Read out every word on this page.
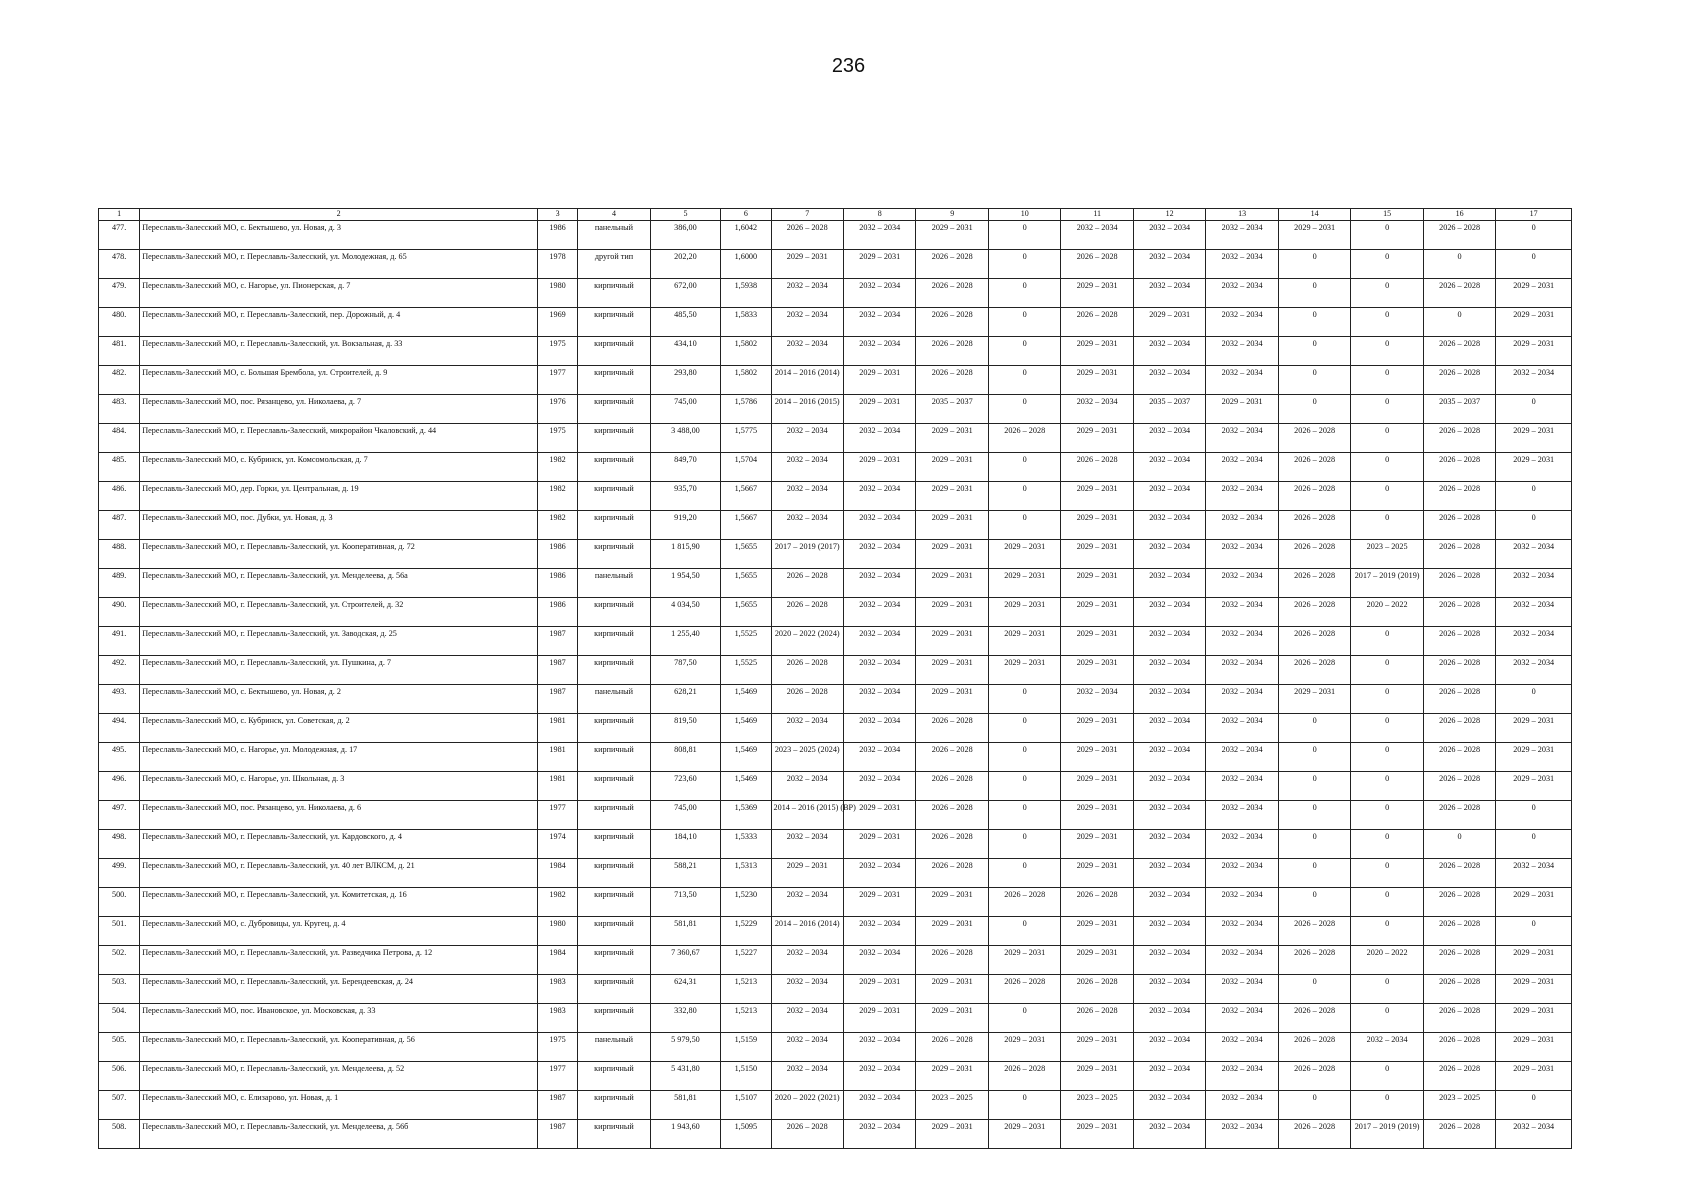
236
1	2	3	4	5	6	7	8	9	10	11	12	13	14	15	16	17
477.	Переславль-Залесский МО, с. Бектышево, ул. Новая, д. 3	1986	панельный	386,00	1,6042	2026 – 2028	2032 – 2034	2029 – 2031	0	2032 – 2034	2032 – 2034	2032 – 2034	2029 – 2031	0	2026 – 2028	0
478.	Переславль-Залесский МО, г. Переславль-Залесский, ул. Молодежная, д. 65	1978	другой тип	202,20	1,6000	2029 – 2031	2029 – 2031	2026 – 2028	0	2026 – 2028	2032 – 2034	2032 – 2034	0	0	0	0
479.	Переславль-Залесский МО, с. Нагорье, ул. Пионерская, д. 7	1980	кирпичный	672,00	1,5938	2032 – 2034	2032 – 2034	2026 – 2028	0	2029 – 2031	2032 – 2034	2032 – 2034	0	0	2026 – 2028	2029 – 2031
480.	Переславль-Залесский МО, г. Переславль-Залесский, пер. Дорожный, д. 4	1969	кирпичный	485,50	1,5833	2032 – 2034	2032 – 2034	2026 – 2028	0	2026 – 2028	2029 – 2031	2032 – 2034	0	0	0	2029 – 2031
481.	Переславль-Залесский МО, г. Переславль-Залесский, ул. Вокзальная, д. 33	1975	кирпичный	434,10	1,5802	2032 – 2034	2032 – 2034	2026 – 2028	0	2029 – 2031	2032 – 2034	2032 – 2034	0	0	2026 – 2028	2029 – 2031
482.	Переславль-Залесский МО, с. Большая Брембола, ул. Строителей, д. 9	1977	кирпичный	293,80	1,5802	2014 – 2016 (2014)	2029 – 2031	2026 – 2028	0	2029 – 2031	2032 – 2034	2032 – 2034	0	0	2026 – 2028	2032 – 2034
483.	Переславль-Залесский МО, пос. Рязанцево, ул. Николаева, д. 7	1976	кирпичный	745,00	1,5786	2014 – 2016 (2015)	2029 – 2031	2035 – 2037	0	2032 – 2034	2035 – 2037	2029 – 2031	0	0	2035 – 2037	0
484.	Переславль-Залесский МО, г. Переславль-Залесский, микрорайон Чкаловский, д. 44	1975	кирпичный	3 488,00	1,5775	2032 – 2034	2032 – 2034	2029 – 2031	2026 – 2028	2029 – 2031	2032 – 2034	2032 – 2034	2026 – 2028	0	2026 – 2028	2029 – 2031
485.	Переславль-Залесский МО, с. Кубринск, ул. Комсомольская, д. 7	1982	кирпичный	849,70	1,5704	2032 – 2034	2029 – 2031	2029 – 2031	0	2026 – 2028	2032 – 2034	2032 – 2034	2026 – 2028	0	2026 – 2028	2029 – 2031
486.	Переславль-Залесский МО, дер. Горки, ул. Центральная, д. 19	1982	кирпичный	935,70	1,5667	2032 – 2034	2032 – 2034	2029 – 2031	0	2029 – 2031	2032 – 2034	2032 – 2034	2026 – 2028	0	2026 – 2028	0
487.	Переславль-Залесский МО, пос. Дубки, ул. Новая, д. 3	1982	кирпичный	919,20	1,5667	2032 – 2034	2032 – 2034	2029 – 2031	0	2029 – 2031	2032 – 2034	2032 – 2034	2026 – 2028	0	2026 – 2028	0
488.	Переславль-Залесский МО, г. Переславль-Залесский, ул. Кооперативная, д. 72	1986	кирпичный	1 815,90	1,5655	2017 – 2019 (2017)	2032 – 2034	2029 – 2031	2029 – 2031	2029 – 2031	2032 – 2034	2032 – 2034	2026 – 2028	2023 – 2025	2026 – 2028	2032 – 2034
489.	Переславль-Залесский МО, г. Переславль-Залесский, ул. Менделеева, д. 56а	1986	панельный	1 954,50	1,5655	2026 – 2028	2032 – 2034	2029 – 2031	2029 – 2031	2029 – 2031	2032 – 2034	2032 – 2034	2026 – 2028	2017 – 2019 (2019)	2026 – 2028	2032 – 2034
490.	Переславль-Залесский МО, г. Переславль-Залесский, ул. Строителей, д. 32	1986	кирпичный	4 034,50	1,5655	2026 – 2028	2032 – 2034	2029 – 2031	2029 – 2031	2029 – 2031	2032 – 2034	2032 – 2034	2026 – 2028	2020 – 2022	2026 – 2028	2032 – 2034
491.	Переславль-Залесский МО, г. Переславль-Залесский, ул. Заводская, д. 25	1987	кирпичный	1 255,40	1,5525	2020 – 2022 (2024)	2032 – 2034	2029 – 2031	2029 – 2031	2029 – 2031	2032 – 2034	2032 – 2034	2026 – 2028	0	2026 – 2028	2032 – 2034
492.	Переславль-Залесский МО, г. Переславль-Залесский, ул. Пушкина, д. 7	1987	кирпичный	787,50	1,5525	2026 – 2028	2032 – 2034	2029 – 2031	2029 – 2031	2029 – 2031	2032 – 2034	2032 – 2034	2026 – 2028	0	2026 – 2028	2032 – 2034
493.	Переславль-Залесский МО, с. Бектышево, ул. Новая, д. 2	1987	панельный	628,21	1,5469	2026 – 2028	2032 – 2034	2029 – 2031	0	2032 – 2034	2032 – 2034	2032 – 2034	2029 – 2031	0	2026 – 2028	0
494.	Переславль-Залесский МО, с. Кубринск, ул. Советская, д. 2	1981	кирпичный	819,50	1,5469	2032 – 2034	2032 – 2034	2026 – 2028	0	2029 – 2031	2032 – 2034	2032 – 2034	0	0	2026 – 2028	2029 – 2031
495.	Переславль-Залесский МО, с. Нагорье, ул. Молодежная, д. 17	1981	кирпичный	808,81	1,5469	2023 – 2025 (2024)	2032 – 2034	2026 – 2028	0	2029 – 2031	2032 – 2034	2032 – 2034	0	0	2026 – 2028	2029 – 2031
496.	Переславль-Залесский МО, с. Нагорье, ул. Школьная, д. 3	1981	кирпичный	723,60	1,5469	2032 – 2034	2032 – 2034	2026 – 2028	0	2029 – 2031	2032 – 2034	2032 – 2034	0	0	2026 – 2028	2029 – 2031
497.	Переславль-Залесский МО, пос. Рязанцево, ул. Николаева, д. 6	1977	кирпичный	745,00	1,5369	2014 – 2016 (2015) (ВР)	2029 – 2031	2026 – 2028	0	2029 – 2031	2032 – 2034	2032 – 2034	0	0	2026 – 2028	0
498.	Переславль-Залесский МО, г. Переславль-Залесский, ул. Кардовского, д. 4	1974	кирпичный	184,10	1,5333	2032 – 2034	2029 – 2031	2026 – 2028	0	2029 – 2031	2032 – 2034	2032 – 2034	0	0	0	0
499.	Переславль-Залесский МО, г. Переславль-Залесский, ул. 40 лет ВЛКСМ, д. 21	1984	кирпичный	588,21	1,5313	2029 – 2031	2032 – 2034	2026 – 2028	0	2029 – 2031	2032 – 2034	2032 – 2034	0	0	2026 – 2028	2032 – 2034
500.	Переславль-Залесский МО, г. Переславль-Залесский, ул. Комитетская, д. 16	1982	кирпичный	713,50	1,5230	2032 – 2034	2029 – 2031	2029 – 2031	2026 – 2028	2026 – 2028	2032 – 2034	2032 – 2034	0	0	2026 – 2028	2029 – 2031
501.	Переславль-Залесский МО, с. Дубровицы, ул. Кругец, д. 4	1980	кирпичный	581,81	1,5229	2014 – 2016 (2014)	2032 – 2034	2029 – 2031	0	2029 – 2031	2032 – 2034	2032 – 2034	2026 – 2028	0	2026 – 2028	0
502.	Переславль-Залесский МО, г. Переславль-Залесский, ул. Разведчика Петрова, д. 12	1984	кирпичный	7 360,67	1,5227	2032 – 2034	2032 – 2034	2026 – 2028	2029 – 2031	2029 – 2031	2032 – 2034	2032 – 2034	2026 – 2028	2020 – 2022	2026 – 2028	2029 – 2031
503.	Переславль-Залесский МО, г. Переславль-Залесский, ул. Берендеевская, д. 24	1983	кирпичный	624,31	1,5213	2032 – 2034	2029 – 2031	2029 – 2031	2026 – 2028	2026 – 2028	2032 – 2034	2032 – 2034	0	0	2026 – 2028	2029 – 2031
504.	Переславль-Залесский МО, пос. Ивановское, ул. Московская, д. 33	1983	кирпичный	332,80	1,5213	2032 – 2034	2029 – 2031	2029 – 2031	0	2026 – 2028	2032 – 2034	2032 – 2034	2026 – 2028	0	2026 – 2028	2029 – 2031
505.	Переславль-Залесский МО, г. Переславль-Залесский, ул. Кооперативная, д. 56	1975	панельный	5 979,50	1,5159	2032 – 2034	2032 – 2034	2026 – 2028	2029 – 2031	2029 – 2031	2032 – 2034	2032 – 2034	2026 – 2028	2032 – 2034	2026 – 2028	2029 – 2031
506.	Переславль-Залесский МО, г. Переславль-Залесский, ул. Менделеева, д. 52	1977	кирпичный	5 431,80	1,5150	2032 – 2034	2032 – 2034	2029 – 2031	2026 – 2028	2029 – 2031	2032 – 2034	2032 – 2034	2026 – 2028	0	2026 – 2028	2029 – 2031
507.	Переславль-Залесский МО, с. Елизарово, ул. Новая, д. 1	1987	кирпичный	581,81	1,5107	2020 – 2022 (2021)	2032 – 2034	2023 – 2025	0	2023 – 2025	2032 – 2034	2032 – 2034	0	0	2023 – 2025	0
508.	Переславль-Залесский МО, г. Переславль-Залесский, ул. Менделеева, д. 56б	1987	кирпичный	1 943,60	1,5095	2026 – 2028	2032 – 2034	2029 – 2031	2029 – 2031	2029 – 2031	2032 – 2034	2032 – 2034	2026 – 2028	2017 – 2019 (2019)	2026 – 2028	2032 – 2034
